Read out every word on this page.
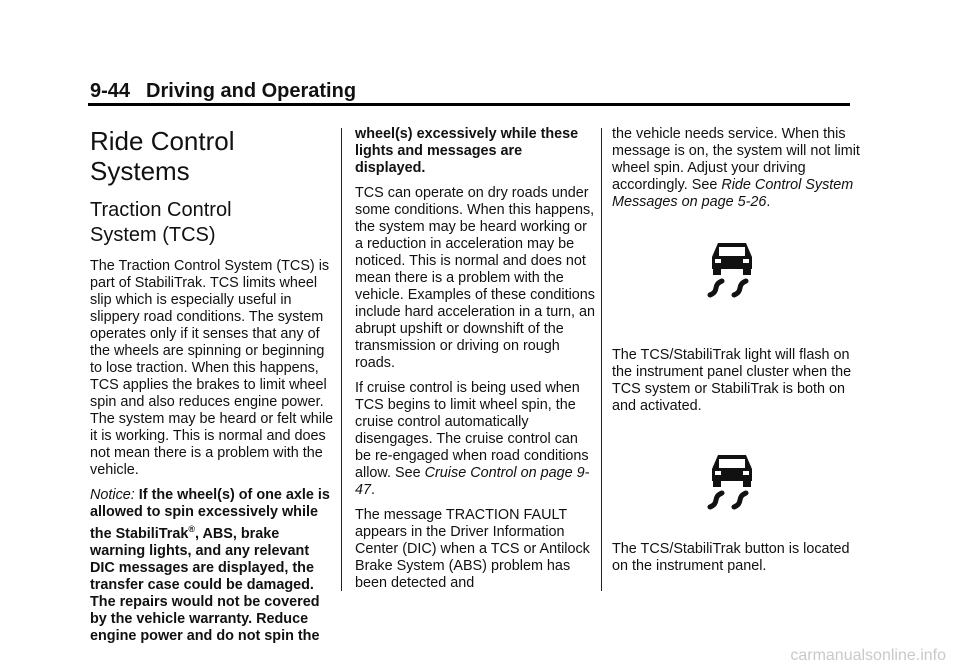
9-44 Driving and Operating
Ride Control Systems
Traction Control
System (TCS)

The Traction Control System (TCS) is part of StabiliTrak. TCS limits wheel slip which is especially useful in slippery road conditions. The system operates only if it senses that any of the wheels are spinning or beginning to lose traction. When this happens, TCS applies the brakes to limit wheel spin and also reduces engine power. The system may be heard or felt while it is working. This is normal and does not mean there is a problem with the vehicle.

Notice: If the wheel(s) of one axle is allowed to spin excessively while the StabiliTrak®, ABS, brake warning lights, and any relevant DIC messages are displayed, the transfer case could be damaged. The repairs would not be covered by the vehicle warranty. Reduce engine power and do not spin the

wheel(s) excessively while these lights and messages are displayed.

TCS can operate on dry roads under some conditions. When this happens, the system may be heard working or a reduction in acceleration may be noticed. This is normal and does not mean there is a problem with the vehicle. Examples of these conditions include hard acceleration in a turn, an abrupt upshift or downshift of the transmission or driving on rough roads.

If cruise control is being used when TCS begins to limit wheel spin, the cruise control automatically disengages. The cruise control can be re-engaged when road conditions allow. See Cruise Control on page 9-47.

The message TRACTION FAULT appears in the Driver Information Center (DIC) when a TCS or Antilock Brake System (ABS) problem has been detected and

the vehicle needs service. When this message is on, the system will not limit wheel spin. Adjust your driving accordingly. See Ride Control System Messages on page 5-26.

The TCS/StabiliTrak light will flash on the instrument panel cluster when the TCS system or StabiliTrak is both on and activated.

The TCS/StabiliTrak button is located on the instrument panel.

carmanualsonline.info
